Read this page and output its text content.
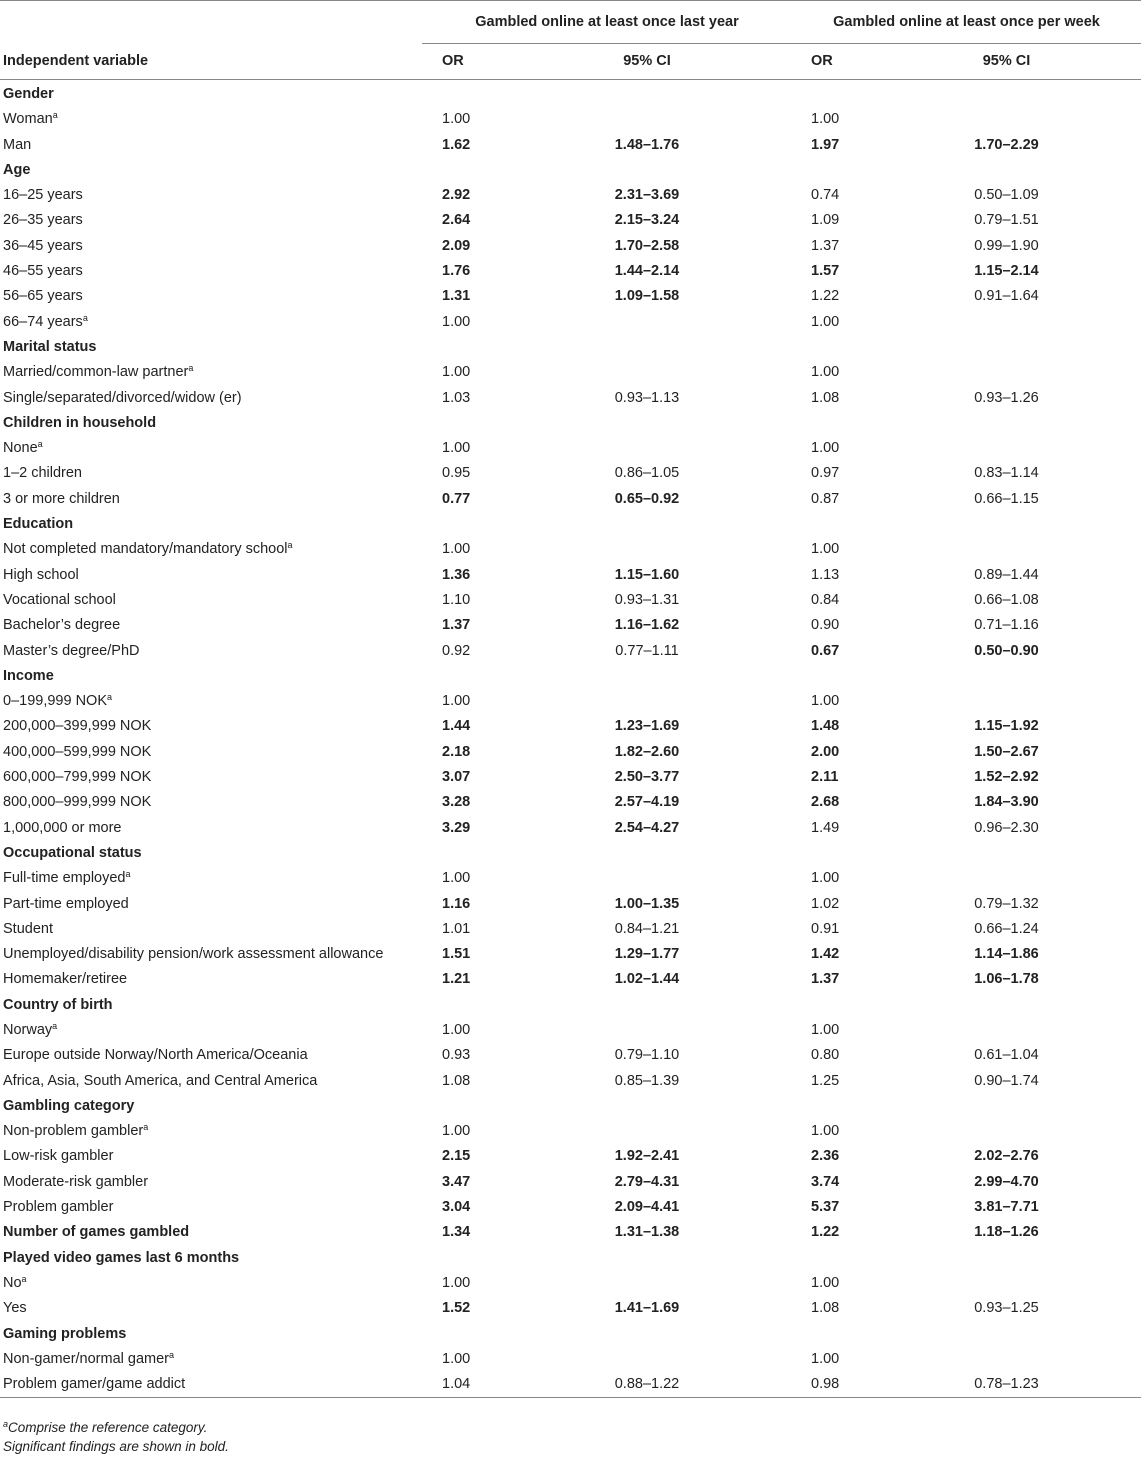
	Gambled online at least once last year		Gambled online at least once per week	
Independent variable	OR	95% CI	OR	95% CI
Gender				
Woman$^a$	1.00		1.00	
Man	1.62	1.48–1.76	1.97	1.70–2.29
Age				
16–25 years	2.92	2.31–3.69	0.74	0.50–1.09
26–35 years	2.64	2.15–3.24	1.09	0.79–1.51
36–45 years	2.09	1.70–2.58	1.37	0.99–1.90
46–55 years	1.76	1.44–2.14	1.57	1.15–2.14
56–65 years	1.31	1.09–1.58	1.22	0.91–1.64
66–74 years$^a$	1.00		1.00	
Marital status				
Married/common-law partner$^a$	1.00		1.00	
Single/separated/divorced/widow (er)	1.03	0.93–1.13	1.08	0.93–1.26
Children in household				
None$^a$	1.00		1.00	
1–2 children	0.95	0.86–1.05	0.97	0.83–1.14
3 or more children	0.77	0.65–0.92	0.87	0.66–1.15
Education				
Not completed mandatory/mandatory school$^a$	1.00		1.00	
High school	1.36	1.15–1.60	1.13	0.89–1.44
Vocational school	1.10	0.93–1.31	0.84	0.66–1.08
Bachelor’s degree	1.37	1.16–1.62	0.90	0.71–1.16
Master’s degree/PhD	0.92	0.77–1.11	0.67	0.50–0.90
Income				
0–199,999 NOK$^a$	1.00		1.00	
200,000–399,999 NOK	1.44	1.23–1.69	1.48	1.15–1.92
400,000–599,999 NOK	2.18	1.82–2.60	2.00	1.50–2.67
600,000–799,999 NOK	3.07	2.50–3.77	2.11	1.52–2.92
800,000–999,999 NOK	3.28	2.57–4.19	2.68	1.84–3.90
1,000,000 or more	3.29	2.54–4.27	1.49	0.96–2.30
Occupational status				
Full-time employed$^a$	1.00		1.00	
Part-time employed	1.16	1.00–1.35	1.02	0.79–1.32
Student	1.01	0.84–1.21	0.91	0.66–1.24
Unemployed/disability pension/work assessment allowance	1.51	1.29–1.77	1.42	1.14–1.86
Homemaker/retiree	1.21	1.02–1.44	1.37	1.06–1.78
Country of birth				
Norway$^a$	1.00		1.00	
Europe outside Norway/North America/Oceania	0.93	0.79–1.10	0.80	0.61–1.04
Africa, Asia, South America, and Central America	1.08	0.85–1.39	1.25	0.90–1.74
Gambling category				
Non-problem gambler$^a$	1.00		1.00	
Low-risk gambler	2.15	1.92–2.41	2.36	2.02–2.76
Moderate-risk gambler	3.47	2.79–4.31	3.74	2.99–4.70
Problem gambler	3.04	2.09–4.41	5.37	3.81–7.71
Number of games gambled	1.34	1.31–1.38	1.22	1.18–1.26
Played video games last 6 months				
No$^a$	1.00		1.00	
Yes	1.52	1.41–1.69	1.08	0.93–1.25
Gaming problems				
Non-gamer/normal gamer$^a$	1.00		1.00	
Problem gamer/game addict	1.04	0.88–1.22	0.98	0.78–1.23
$^a$Comprise the reference category.
Significant findings are shown in bold.
